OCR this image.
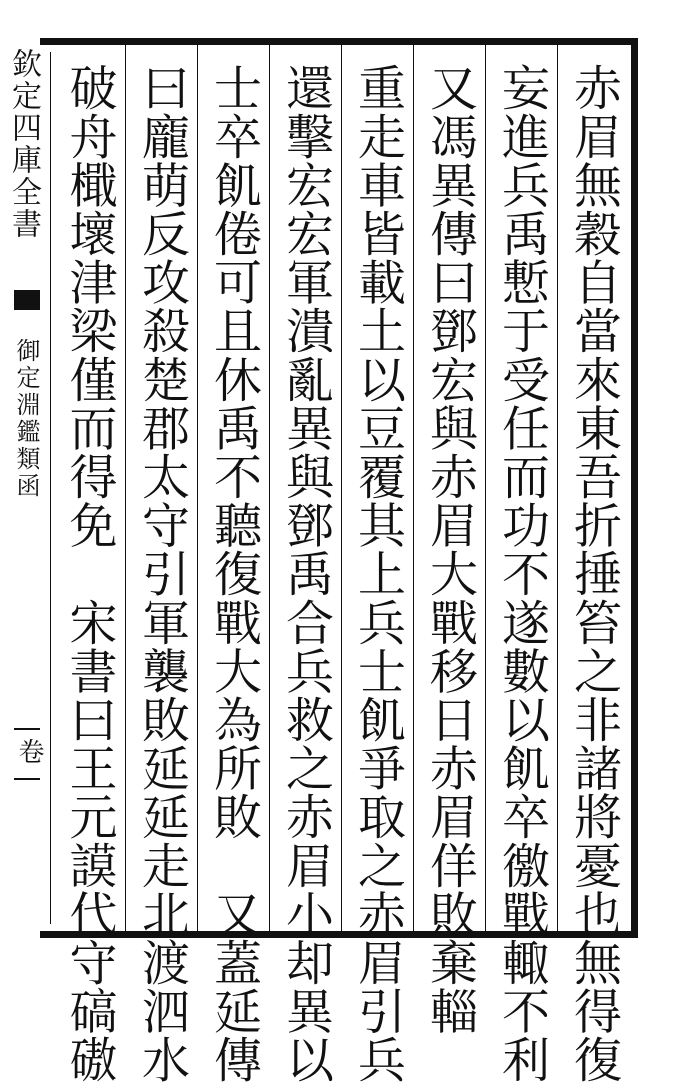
欽定四庫全書
御定淵鑑類函
卷	赤眉無穀自當來東吾折捶笞之非諸將憂也無得復
妄進兵禹慙于受任而功不遂數以飢卒徼戰輙不利
又馮異傳曰鄧宏與赤眉大戰移日赤眉佯敗棄輜
重走車皆載土以豆覆其上兵士飢爭取之赤眉引兵
還擊宏宏軍潰亂異與鄧禹合兵救之赤眉小却異以
士卒飢倦可且休禹不聽復戰大為所敗　又蓋延傳
曰龐萌反攻殺楚郡太守引軍襲敗延延走北渡泗水
破舟檝壞津梁僅而得免　宋書曰王元謨代守碻磝
